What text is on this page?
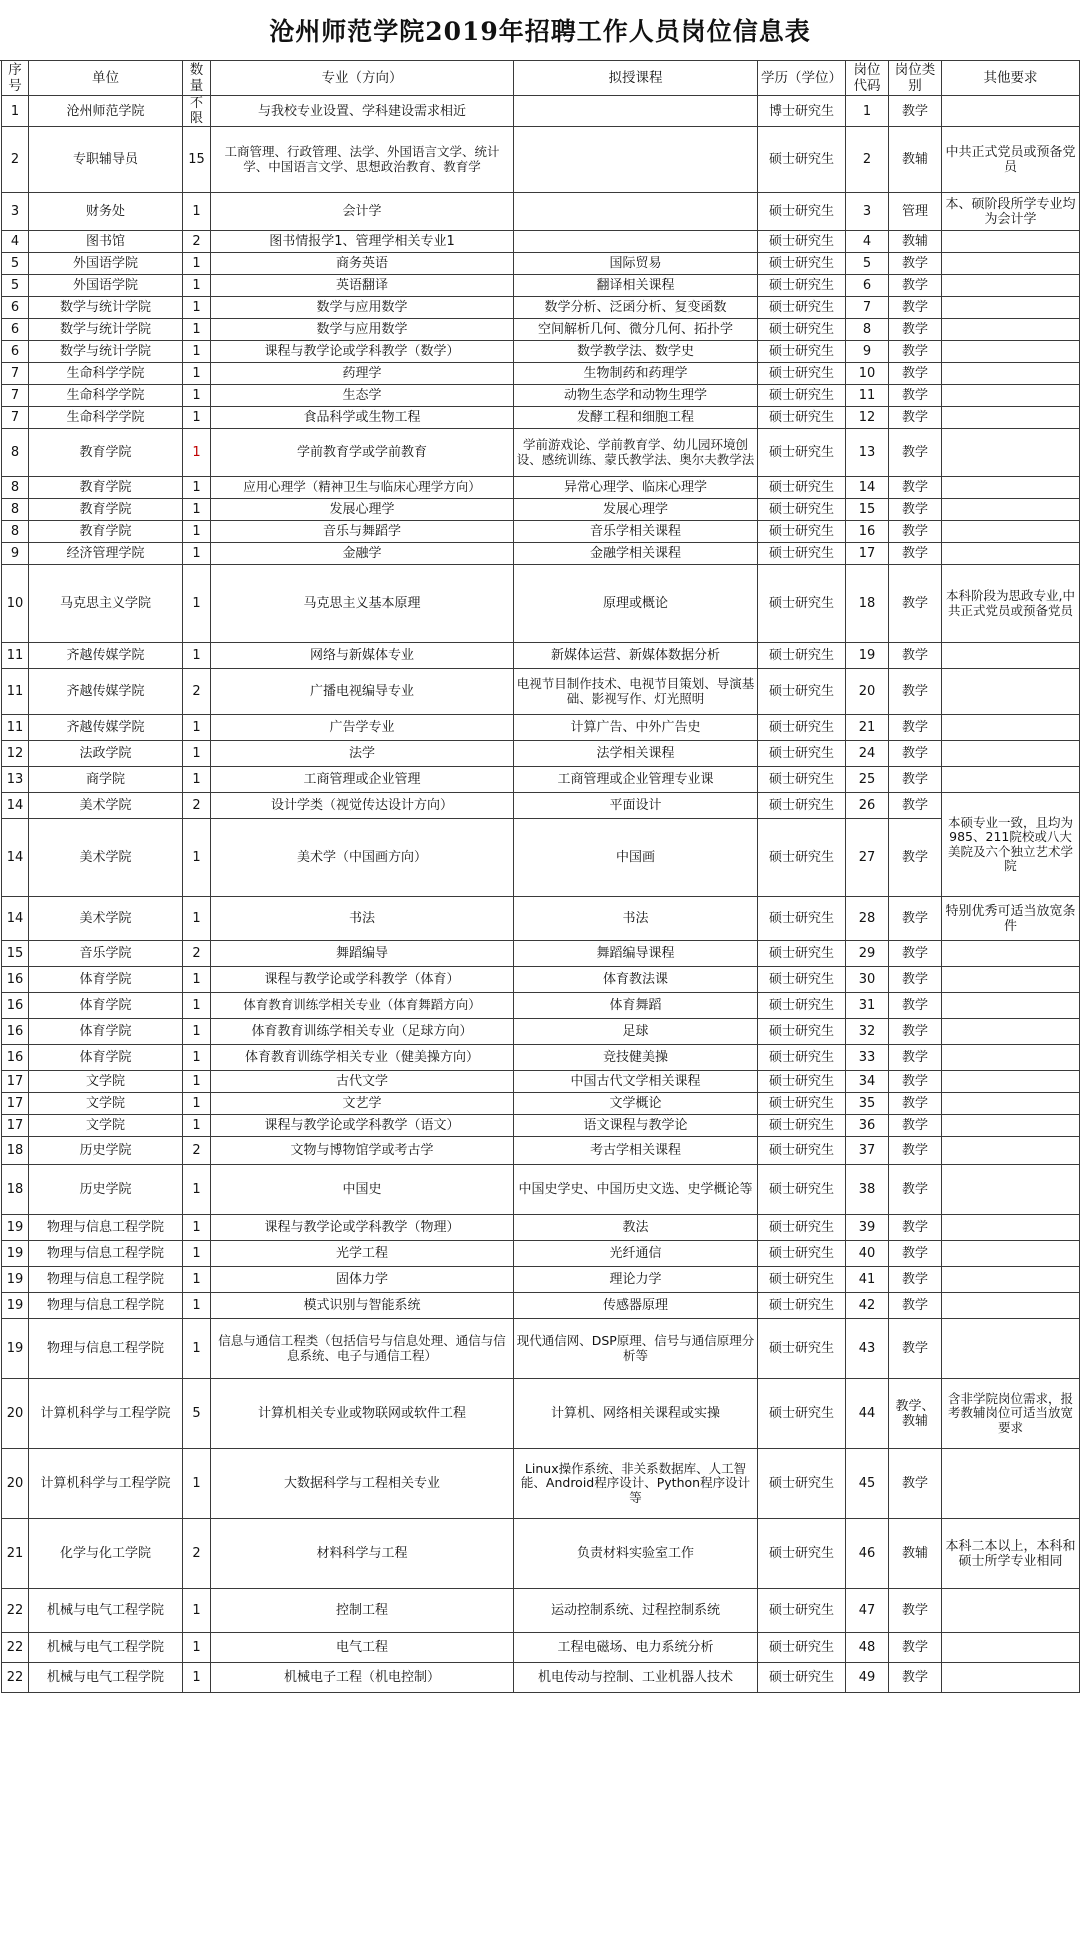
沧州师范学院2019年招聘工作人员岗位信息表
序号	单位	数量	专业（方向）	拟授课程	学历（学位）	岗位代码	岗位类别	其他要求
1	沧州师范学院	不限	与我校专业设置、学科建设需求相近		博士研究生	1	教学	
2	专职辅导员	15	工商管理、行政管理、法学、外国语言文学、统计学、中国语言文学、思想政治教育、教育学		硕士研究生	2	教辅	中共正式党员或预备党员
3	财务处	1	会计学		硕士研究生	3	管理	本、硕阶段所学专业均为会计学
4	图书馆	2	图书情报学1、管理学相关专业1		硕士研究生	4	教辅	
5	外国语学院	1	商务英语	国际贸易	硕士研究生	5	教学	
5	外国语学院	1	英语翻译	翻译相关课程	硕士研究生	6	教学	
6	数学与统计学院	1	数学与应用数学	数学分析、泛函分析、复变函数	硕士研究生	7	教学	
6	数学与统计学院	1	数学与应用数学	空间解析几何、微分几何、拓扑学	硕士研究生	8	教学	
6	数学与统计学院	1	课程与教学论或学科教学（数学）	数学教学法、数学史	硕士研究生	9	教学	
7	生命科学学院	1	药理学	生物制药和药理学	硕士研究生	10	教学	
7	生命科学学院	1	生态学	动物生态学和动物生理学	硕士研究生	11	教学	
7	生命科学学院	1	食品科学或生物工程	发酵工程和细胞工程	硕士研究生	12	教学	
8	教育学院	1	学前教育学或学前教育	学前游戏论、学前教育学、幼儿园环境创设、感统训练、蒙氏教学法、奥尔夫教学法	硕士研究生	13	教学	
8	教育学院	1	应用心理学（精神卫生与临床心理学方向）	异常心理学、临床心理学	硕士研究生	14	教学	
8	教育学院	1	发展心理学	发展心理学	硕士研究生	15	教学	
8	教育学院	1	音乐与舞蹈学	音乐学相关课程	硕士研究生	16	教学	
9	经济管理学院	1	金融学	金融学相关课程	硕士研究生	17	教学	
10	马克思主义学院	1	马克思主义基本原理	原理或概论	硕士研究生	18	教学	本科阶段为思政专业,中共正式党员或预备党员
11	齐越传媒学院	1	网络与新媒体专业	新媒体运营、新媒体数据分析	硕士研究生	19	教学	
11	齐越传媒学院	2	广播电视编导专业	电视节目制作技术、电视节目策划、导演基础、影视写作、灯光照明	硕士研究生	20	教学	
11	齐越传媒学院	1	广告学专业	计算广告、中外广告史	硕士研究生	21	教学	
12	法政学院	1	法学	法学相关课程	硕士研究生	24	教学	
13	商学院	1	工商管理或企业管理	工商管理或企业管理专业课	硕士研究生	25	教学	
14	美术学院	2	设计学类（视觉传达设计方向）	平面设计	硕士研究生	26	教学	本硕专业一致，且均为985、211院校或八大美院及六个独立艺术学院
14	美术学院	1	美术学（中国画方向）	中国画	硕士研究生	27	教学	
14	美术学院	1	书法	书法	硕士研究生	28	教学	特别优秀可适当放宽条件
15	音乐学院	2	舞蹈编导	舞蹈编导课程	硕士研究生	29	教学	
16	体育学院	1	课程与教学论或学科教学（体育）	体育教法课	硕士研究生	30	教学	
16	体育学院	1	体育教育训练学相关专业（体育舞蹈方向）	体育舞蹈	硕士研究生	31	教学	
16	体育学院	1	体育教育训练学相关专业（足球方向）	足球	硕士研究生	32	教学	
16	体育学院	1	体育教育训练学相关专业（健美操方向）	竞技健美操	硕士研究生	33	教学	
17	文学院	1	古代文学	中国古代文学相关课程	硕士研究生	34	教学	
17	文学院	1	文艺学	文学概论	硕士研究生	35	教学	
17	文学院	1	课程与教学论或学科教学（语文）	语文课程与教学论	硕士研究生	36	教学	
18	历史学院	2	文物与博物馆学或考古学	考古学相关课程	硕士研究生	37	教学	
18	历史学院	1	中国史	中国史学史、中国历史文选、史学概论等	硕士研究生	38	教学	
19	物理与信息工程学院	1	课程与教学论或学科教学（物理）	教法	硕士研究生	39	教学	
19	物理与信息工程学院	1	光学工程	光纤通信	硕士研究生	40	教学	
19	物理与信息工程学院	1	固体力学	理论力学	硕士研究生	41	教学	
19	物理与信息工程学院	1	模式识别与智能系统	传感器原理	硕士研究生	42	教学	
19	物理与信息工程学院	1	信息与通信工程类（包括信号与信息处理、通信与信息系统、电子与通信工程）	现代通信网、DSP原理、信号与通信原理分析等	硕士研究生	43	教学	
20	计算机科学与工程学院	5	计算机相关专业或物联网或软件工程	计算机、网络相关课程或实操	硕士研究生	44	教学、教辅	含非学院岗位需求，报考教辅岗位可适当放宽要求
20	计算机科学与工程学院	1	大数据科学与工程相关专业	Linux操作系统、非关系数据库、人工智能、Android程序设计、Python程序设计等	硕士研究生	45	教学	
21	化学与化工学院	2	材料科学与工程	负责材料实验室工作	硕士研究生	46	教辅	本科二本以上，本科和硕士所学专业相同
22	机械与电气工程学院	1	控制工程	运动控制系统、过程控制系统	硕士研究生	47	教学	
22	机械与电气工程学院	1	电气工程	工程电磁场、电力系统分析	硕士研究生	48	教学	
22	机械与电气工程学院	1	机械电子工程（机电控制）	机电传动与控制、工业机器人技术	硕士研究生	49	教学	
